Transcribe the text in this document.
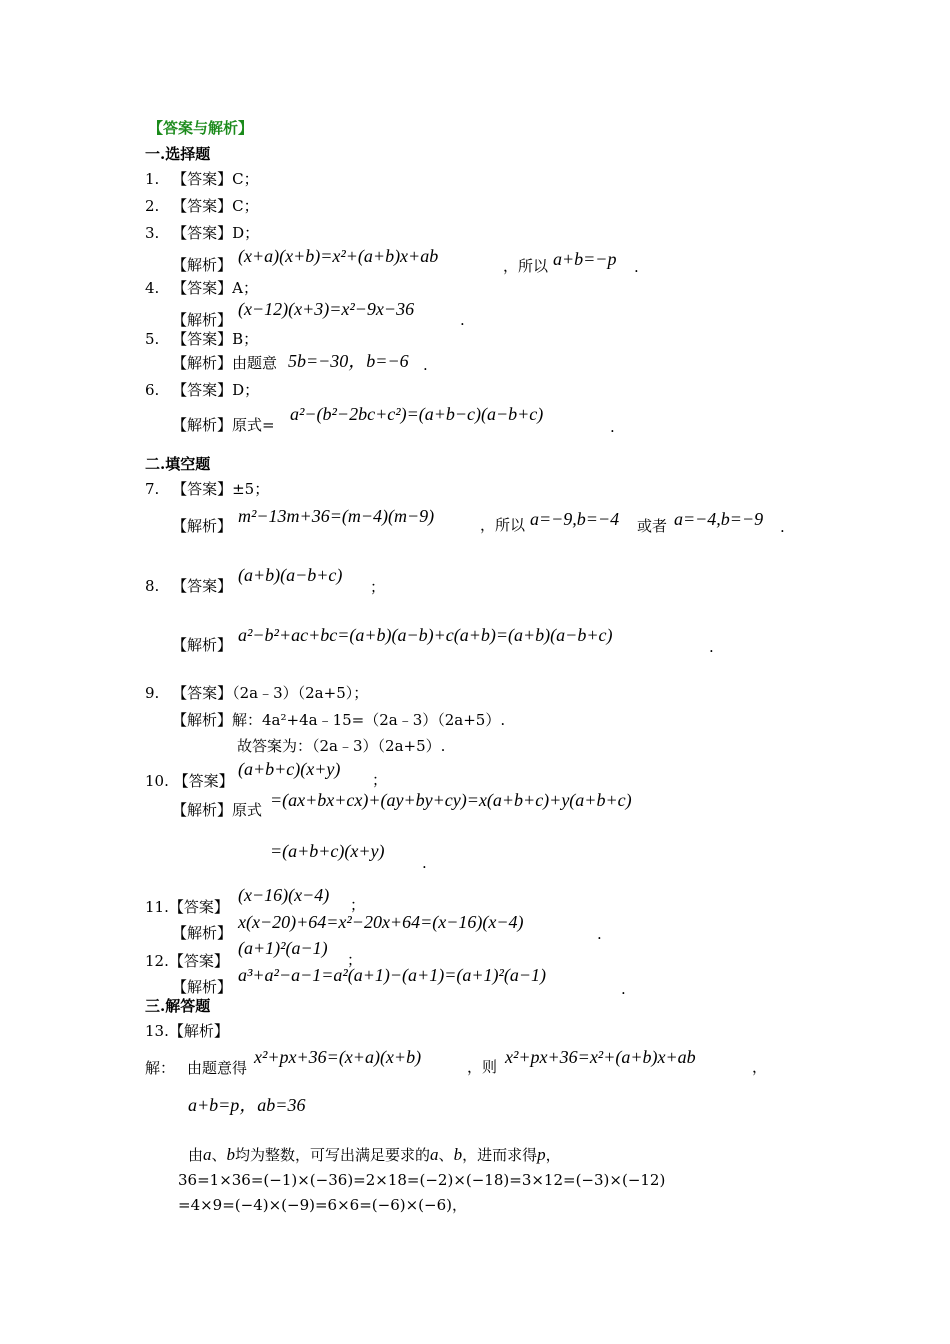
【答案与解析】
一.选择题
1. 【答案】C；
2. 【答案】C；
3. 【答案】D；
【解析】 (x+a)(x+b)=x²+(a+b)x+ab	，所以 a+b=−p .
4. 【答案】A；
【解析】
(x−12)(x+3)=x²−9x−36
.
5. 【答案】B；
【解析】由题意 5b=−30，b=−6 .
6. 【答案】D；
【解析】原式=
a²−(b²−2bc+c²)=(a+b−c)(a−b+c)
.
二.填空题
7. 【答案】±5；
【解析】 m²−13m+36=(m−4)(m−9)	，所以 a=−9,b=−4 或者 a=−4,b=−9 .
8. 【答案】
(a+b)(a−b+c)
；
【解析】 a²−b²+ac+bc=(a+b)(a−b)+c(a+b)=(a+b)(a−b+c)
.
9. 【答案】（2a﹣3）（2a+5）；
【解析】解：4a²+4a﹣15=（2a﹣3）（2a+5）.
故答案为：（2a﹣3）（2a+5）.
10. 【答案】
(a+b+c)(x+y)
；
【解析】原式 =(ax+bx+cx)+(ay+by+cy)=x(a+b+c)+y(a+b+c)
=(a+b+c)(x+y)
.
11.【答案】
(x−16)(x−4) ；
【解析】
x(x−20)+64=x²−20x+64=(x−16)(x−4)
.
12.【答案】
(a+1)²(a−1)
；
【解析】
a³+a²−a−1=a²(a+1)−(a+1)=(a+1)²(a−1)
.
三.解答题
13.【解析】
解： 由题意得
x²+px+36=(x+a)(x+b)	，则 x²+px+36=x²+(a+b)x+ab	，
a+b=p，ab=36
由a、b均为整数，可写出满足要求的a、b，进而求得p，
36=1×36=(−1)×(−36)=2×18=(−2)×(−18)=3×12=(−3)×(−12)
=4×9=(−4)×(−9)=6×6=(−6)×(−6)，
